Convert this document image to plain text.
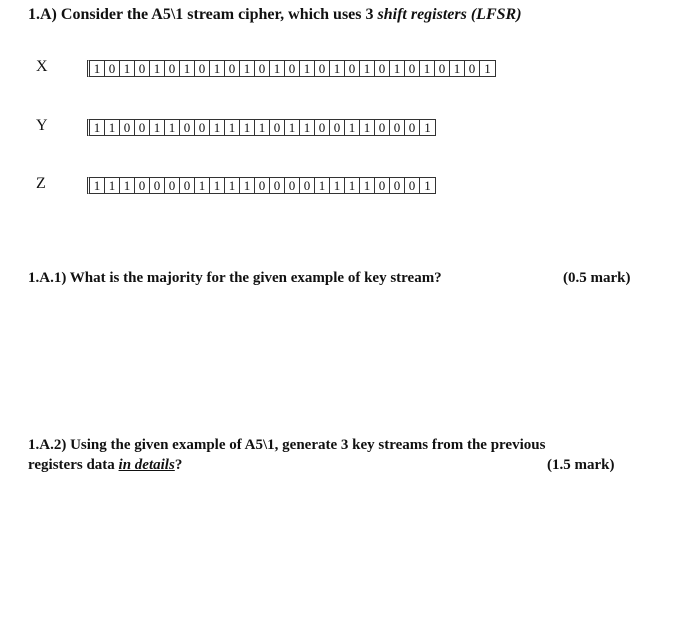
1.A) Consider the A5\1 stream cipher, which uses 3 shift registers (LFSR)
X	1 0 1 0 1 0 1 0 1 0 1 0 1 0 1 0 1 0 1 0 1 0 1 0 1 0 1
Y	1 1 0 0 1 1 0 0 1 1 1 1 0 1 1 0 0 1 1 0 0 0 1
Z	1 1 1 0 0 0 0 1 1 1 1 0 0 0 0 1 1 1 1 0 0 0 1
1.A.1) What is the majority for the given example of key stream?	(0.5 mark)
1.A.2) Using the given example of A5\1, generate 3 key streams from the previous
registers data in details?	(1.5 mark)
